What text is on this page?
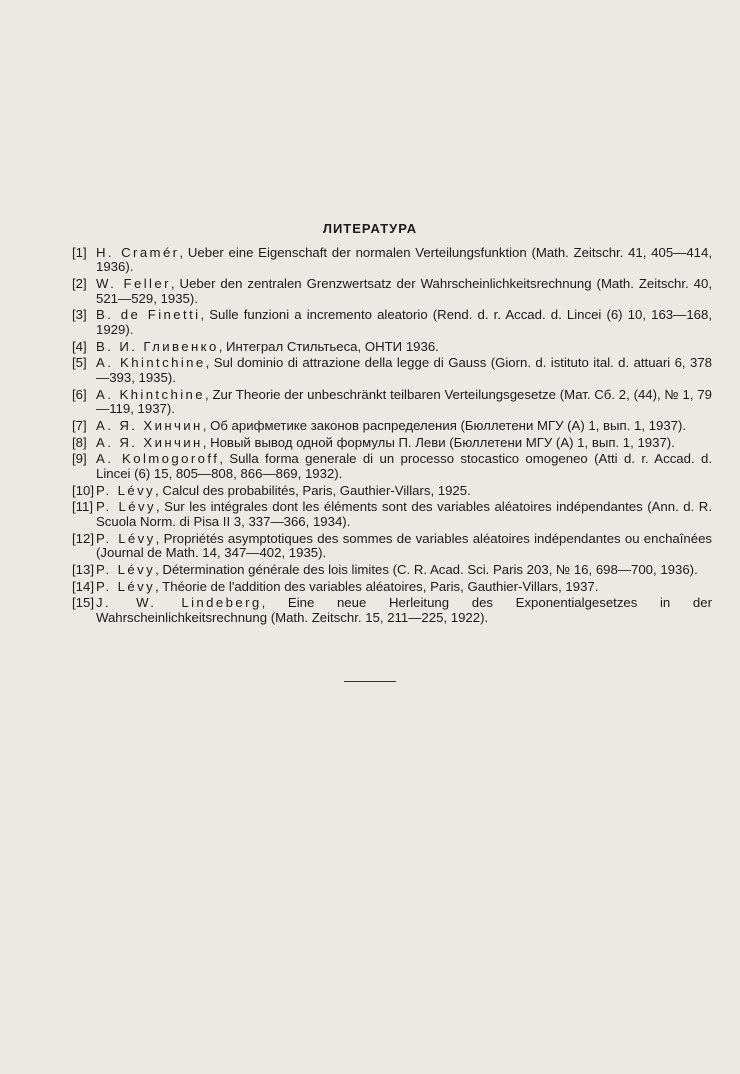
ЛИТЕРАТУРА
[1] H. Cramér, Ueber eine Eigenschaft der normalen Verteilungsfunktion (Math. Zeitschr. 41, 405—414, 1936).
[2] W. Feller, Ueber den zentralen Grenzwertsatz der Wahrscheinlichkeitsrechnung (Math. Zeitschr. 40, 521—529, 1935).
[3] B. de Finetti, Sulle funzioni a incremento aleatorio (Rend. d. r. Accad. d. Lincei (6) 10, 163—168, 1929).
[4] В. И. Гливенко, Интеграл Стильтьеса, ОНТИ 1936.
[5] A. Khintchine, Sul dominio di attrazione della legge di Gauss (Giorn. d. istituto ital. d. attuari 6, 378—393, 1935).
[6] A. Khintchine, Zur Theorie der unbeschränkt teilbaren Verteilungsgesetze (Мат. Сб. 2, (44), № 1, 79—119, 1937).
[7] А. Я. Хинчин, Об арифметике законов распределения (Бюллетени МГУ (А) 1, вып. 1, 1937).
[8] А. Я. Хинчин, Новый вывод одной формулы П. Леви (Бюллетени МГУ (А) 1, вып. 1, 1937).
[9] A. Kolmogoroff, Sulla forma generale di un processo stocastico omogeneo (Atti d. r. Accad. d. Lincei (6) 15, 805—808, 866—869, 1932).
[10] P. Lévy, Calcul des probabilités, Paris, Gauthier-Villars, 1925.
[11] P. Lévy, Sur les intégrales dont les éléments sont des variables aléatoires indépendantes (Ann. d. R. Scuola Norm. di Pisa II 3, 337—366, 1934).
[12] P. Lévy, Propriétés asymptotiques des sommes de variables aléatoires indépendantes ou enchaînées (Journal de Math. 14, 347—402, 1935).
[13] P. Lévy, Détermination générale des lois limites (C. R. Acad. Sci. Paris 203, № 16, 698—700, 1936).
[14] P. Lévy, Théorie de l'addition des variables aléatoires, Paris, Gauthier-Villars, 1937.
[15] J. W. Lindeberg, Eine neue Herleitung des Exponentialgesetzes in der Wahrscheinlichkeitsrechnung (Math. Zeitschr. 15, 211—225, 1922).
